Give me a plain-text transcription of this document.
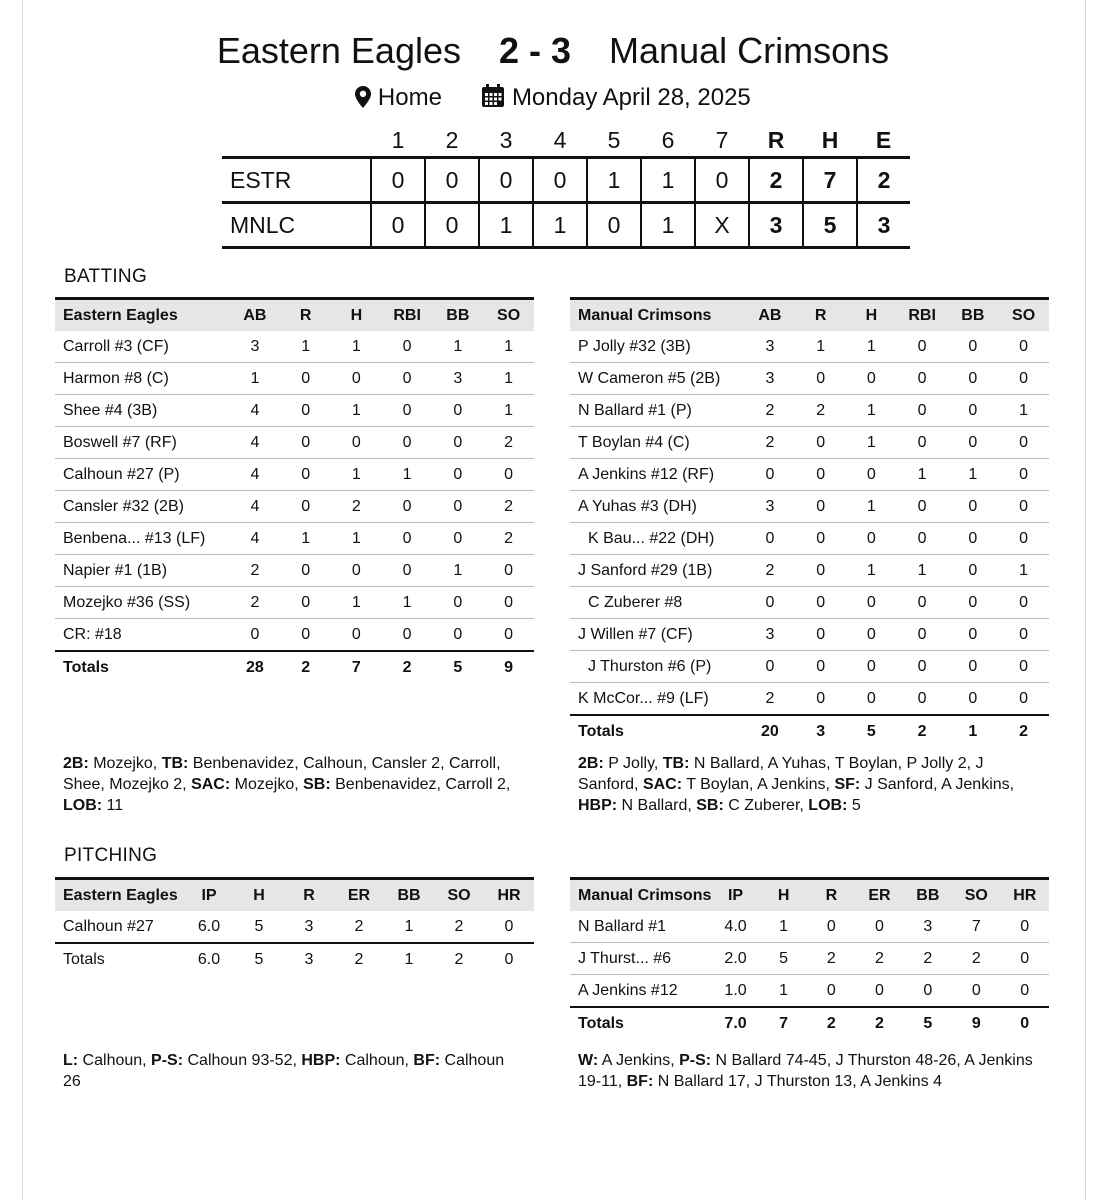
Eastern Eagles 2 - 3 Manual Crimsons
Home	Monday April 28, 2025
	1	2	3	4	5	6	7	R	H	E
ESTR	0	0	0	0	1	1	0	2	7	2
MNLC	0	0	1	1	0	1	X	3	5	3
BATTING
Eastern Eagles	AB	R	H	RBI	BB	SO
Carroll #3 (CF)	3	1	1	0	1	1
Harmon #8 (C)	1	0	0	0	3	1
Shee #4 (3B)	4	0	1	0	0	1
Boswell #7 (RF)	4	0	0	0	0	2
Calhoun #27 (P)	4	0	1	1	0	0
Cansler #32 (2B)	4	0	2	0	0	2
Benbena... #13 (LF)	4	1	1	0	0	2
Napier #1 (1B)	2	0	0	0	1	0
Mozejko #36 (SS)	2	0	1	1	0	0
CR: #18	0	0	0	0	0	0
Totals	28	2	7	2	5	9
Manual Crimsons	AB	R	H	RBI	BB	SO
P Jolly #32 (3B)	3	1	1	0	0	0
W Cameron #5 (2B)	3	0	0	0	0	0
N Ballard #1 (P)	2	2	1	0	0	1
T Boylan #4 (C)	2	0	1	0	0	0
A Jenkins #12 (RF)	0	0	0	1	1	0
A Yuhas #3 (DH)	3	0	1	0	0	0
K Bau... #22 (DH)	0	0	0	0	0	0
J Sanford #29 (1B)	2	0	1	1	0	1
C Zuberer #8	0	0	0	0	0	0
J Willen #7 (CF)	3	0	0	0	0	0
J Thurston #6 (P)	0	0	0	0	0	0
K McCor... #9 (LF)	2	0	0	0	0	0
Totals	20	3	5	2	1	2
2B: Mozejko, TB: Benbenavidez, Calhoun, Cansler 2, Carroll, Shee, Mozejko 2, SAC: Mozejko, SB: Benbenavidez, Carroll 2, LOB: 11
2B: P Jolly, TB: N Ballard, A Yuhas, T Boylan, P Jolly 2, J Sanford, SAC: T Boylan, A Jenkins, SF: J Sanford, A Jenkins, HBP: N Ballard, SB: C Zuberer, LOB: 5
PITCHING
Eastern Eagles	IP	H	R	ER	BB	SO	HR
Calhoun #27	6.0	5	3	2	1	2	0
Totals	6.0	5	3	2	1	2	0
Manual Crimsons	IP	H	R	ER	BB	SO	HR
N Ballard #1	4.0	1	0	0	3	7	0
J Thurst... #6	2.0	5	2	2	2	2	0
A Jenkins #12	1.0	1	0	0	0	0	0
Totals	7.0	7	2	2	5	9	0
L: Calhoun, P-S: Calhoun 93-52, HBP: Calhoun, BF: Calhoun 26
W: A Jenkins, P-S: N Ballard 74-45, J Thurston 48-26, A Jenkins 19-11, BF: N Ballard 17, J Thurston 13, A Jenkins 4
